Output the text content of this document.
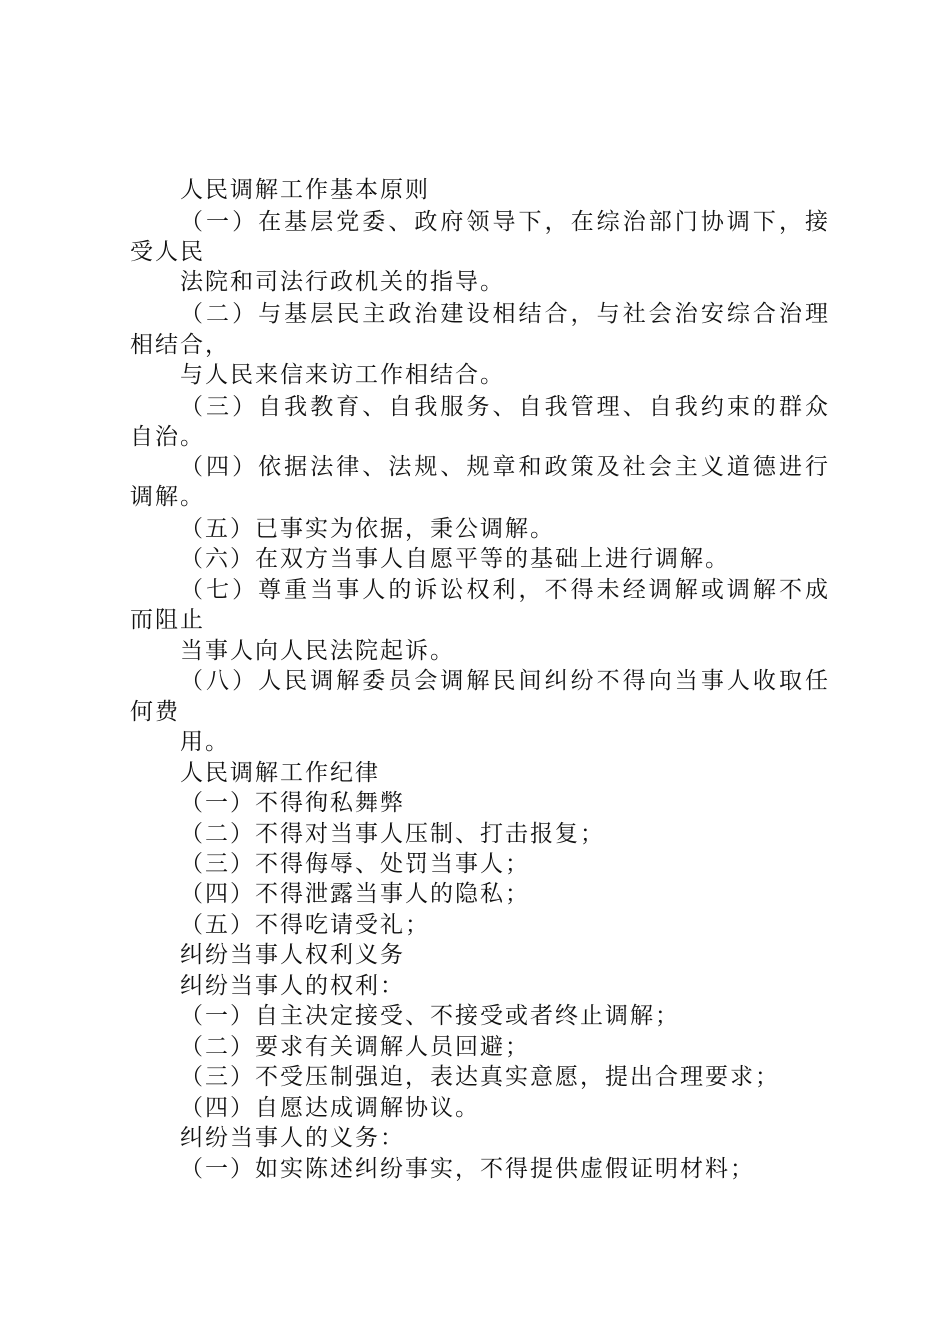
人民调解工作基本原则

（一）在基层党委、政府领导下，在综治部门协调下，接

受人民

法院和司法行政机关的指导。

（二）与基层民主政治建设相结合，与社会治安综合治理

相结合，

与人民来信来访工作相结合。

（三）自我教育、自我服务、自我管理、自我约束的群众

自治。

（四）依据法律、法规、规章和政策及社会主义道德进行

调解。

（五）已事实为依据，秉公调解。

（六）在双方当事人自愿平等的基础上进行调解。

（七）尊重当事人的诉讼权利，不得未经调解或调解不成

而阻止

当事人向人民法院起诉。

（八）人民调解委员会调解民间纠纷不得向当事人收取任

何费

用。

人民调解工作纪律

（一）不得徇私舞弊

（二）不得对当事人压制、打击报复；

（三）不得侮辱、处罚当事人；

（四）不得泄露当事人的隐私；

（五）不得吃请受礼；

纠纷当事人权利义务

纠纷当事人的权利：

（一）自主决定接受、不接受或者终止调解；

（二）要求有关调解人员回避；

（三）不受压制强迫，表达真实意愿，提出合理要求；

（四）自愿达成调解协议。

纠纷当事人的义务：

（一）如实陈述纠纷事实，不得提供虚假证明材料；
